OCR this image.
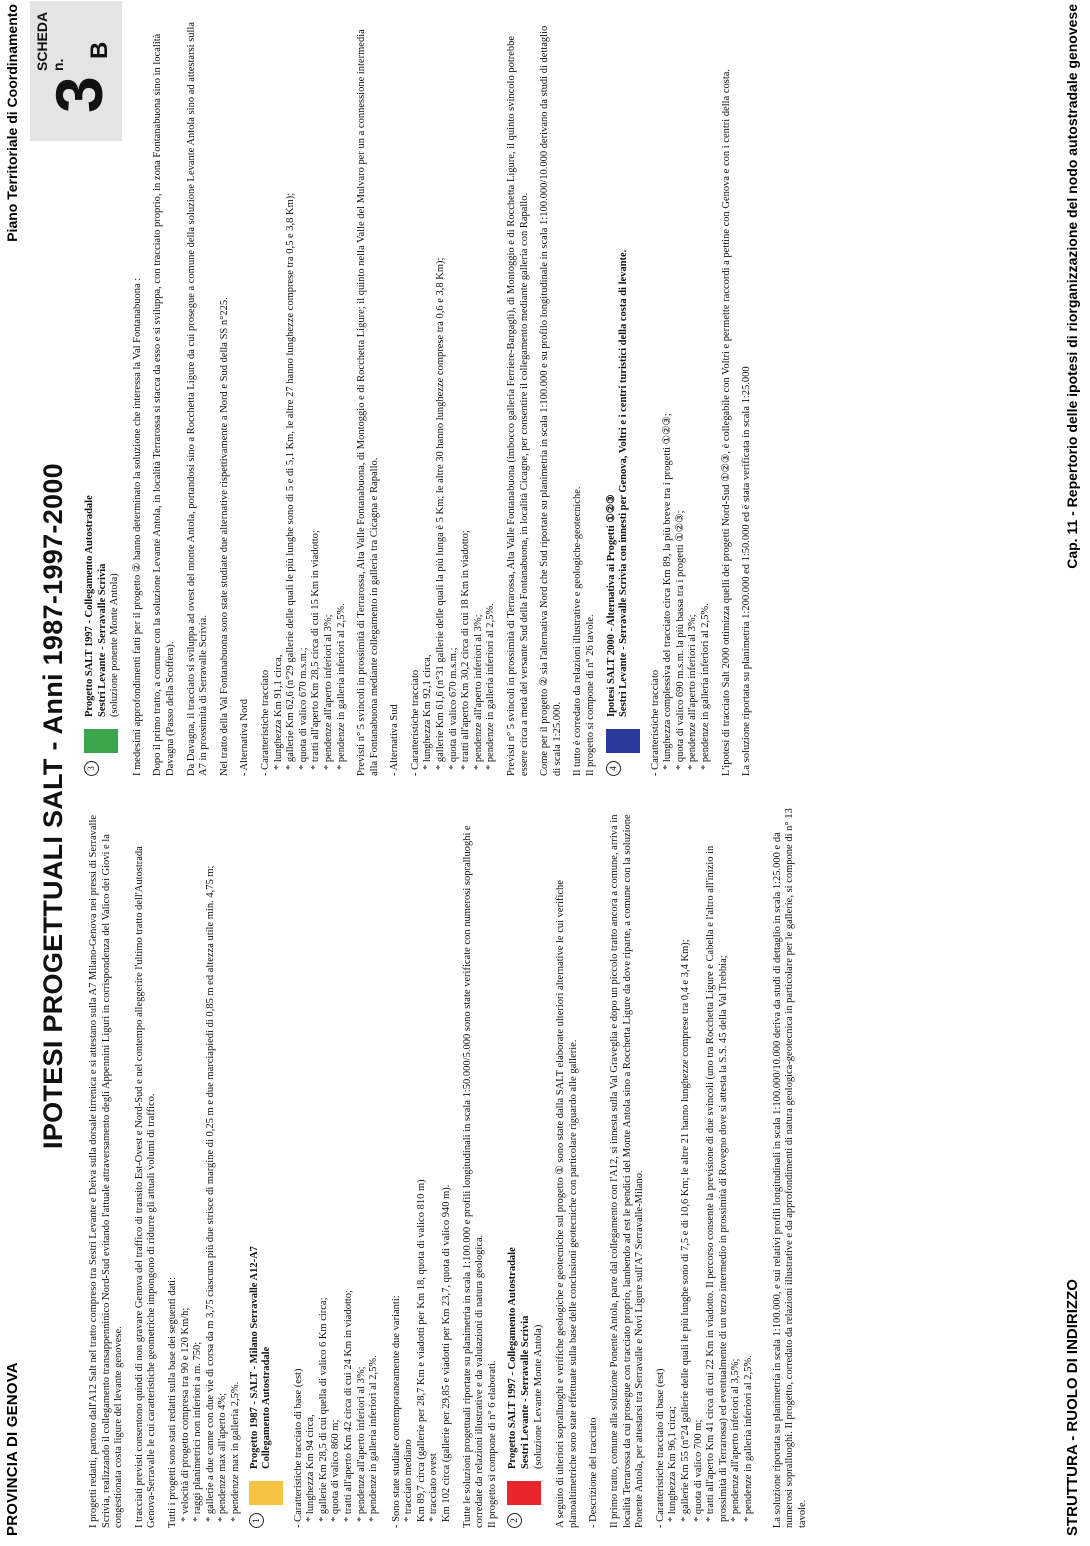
PROVINCIA DI GENOVA
Piano Territoriale di Coordinamento SCHEDA n.
3
B
IPOTESI PROGETTUALI SALT - Anni 1987-1997-2000

I progetti redatti, partono dall'A12 Salt nel tratto compreso tra Sestri Levante e Deiva sulla dorsale tirrenica e si attestano sulla A7 Milano-Genova nei pressi di Serravalle Scrivia, realizzando il collegamento transappenninico Nord-Sud evitando l'attuale attraversamento degli Appennini Liguri in corrispondenza del Valico dei Giovi e la congestionata costa ligure del levante genovese. I tracciati previsti consentono quindi di non gravare Genova del traffico di transito Est-Ovest e Nord-Sud e nel contempo alleggerire l'ultimo tratto dell'Autostrada Genova-Serravalle le cui caratteristiche geometriche impongono di ridurre gli attuali volumi di traffico. Tutti i progetti sono stati redatti sulla base dei seguenti dati: * velocità di progetto compresa tra 90 e 120 Km/h; * raggi planimetrici non inferiori a m. 750; * gallerie a due canne con due vie di corsa da m 3,75 ciascuna più due strisce di margine di 0,25 m e due marciapiedi di 0,85 m ed altezza utile min. 4,75 m; * pendenze max all'aperto 4%; * pendenze max in galleria 2,5%. 1
Progetto 1987 - SALT - Milano Serravalle A12-A7 Collegamento Autostradale - Caratteristiche tracciato di base (est) * lunghezza Km 94 circa, * gallerie Km 28,5 di cui quella di valico 6 Km circa; * quota di valico 860 m; * tratti all'aperto Km 42 circa di cui 24 Km in viadotto; * pendenze all'aperto inferiori al 3%; * pendenze in galleria inferiori al 2,5%. - Sono state studiate contemporaneamente due varianti: * tracciato mediano Km 89,7 circa (gallerie per 28,7 Km e viadotti per Km 18, quota di valico 810 m) * tracciato ovest Km 102 circa (gallerie per 29,85 e viadotti per Km 23,7, quota di valico 940 m). Tutte le soluzioni progettuali riportate su planimetria in scala 1:100.000 e profili longitudinali in scala 1:50.000/5.000 sono state verificate con numerosi sopralluoghi e corredate da relazioni illustrative e da valutazioni di natura geologica. Il progetto si compone di n° 6 elaborati. 2
Progetto SALT 1997 - Collegamento Autostradale Sestri Levante - Serravalle Scrivia (soluzione Levante Monte Antola) A seguito di ulteriori sopralluoghi e verifiche geologiche e geotecniche sul progetto ① sono state dalla SALT elaborate ulteriori alternative le cui verifiche planoaltimetriche sono state effettuate sulla base delle conclusioni geotecniche con particolare riguardo alle gallerie. - Descrizione del tracciato Il primo tratto, comune alla soluzione Ponente Antola, parte dal collegamento con l'A12, si innesta sulla Val Graveglia e dopo un piccolo tratto ancora a comune, arriva in località Terrarossa da cui prosegue con tracciato proprio, lambendo ad est le pendici del Monte Antola sino a Rocchetta Ligure da dove riparte, a comune con la soluzione Ponente Antola, per attestarsi tra Serravalle e Novi Ligure sull'A7 Serravalle-Milano. - Caratteristiche tracciato di base (est) * lunghezza Km 96,1 circa; * gallerie Km 55 (n°24 gallerie delle quali le più lunghe sono di 7,5 e di 10,6 Km; le altre 21 hanno lunghezze comprese tra 0,4 e 3,4 Km); * quota di valico 700 m; * tratti all'aperto Km 41 circa di cui 22 Km in viadotto. Il percorso consente la previsione di due svincoli (uno tra Rocchetta Ligure e Cabella e l'altro all'inizio in prossimità di Terrarossa) ed eventualmente di un terzo intermedio in prossimità di Rovegno dove si attesta la S.S. 45 della Val Trebbia; * pendenze all'aperto inferiori al 3,5%; * pendenze in galleria inferiori al 2,5%. La soluzione riportata su planimetria in scala 1:100.000, e sui relativi profili longitudinali in scala 1:100.000/10.000 deriva da studi di dettaglio in scala 1:25.000 e da numerosi sopralluoghi. Il progetto, corredato da relazioni illustrative e da approfondimenti di natura geologica-geotecnica in particolare per le gallerie, si compone di n° 13 tavole.

3
Progetto SALT 1997 - Collegamento Autostradale Sestri Levante - Serravalle Scrivia (soluzione ponente Monte Antola) I medesimi approfondimenti fatti per il progetto ② hanno determinato la soluzione che interessa la Val Fontanabuona : Dopo il primo tratto, a comune con la soluzione Levante Antola, in località Terrarossa si stacca da esso e si sviluppa, con tracciato proprio, in zona Fontanabuona sino in località Davagna (Passo della Scoffera). Da Davagna, il tracciato si sviluppa ad ovest del monte Antola, portandosi sino a Rocchetta Ligure da cui prosegue a comune della soluzione Levante Antola sino ad attestarsi sulla A7 in prossimità di Serravalle Scrivia. Nel tratto della Val Fontanabuona sono state studiate due alternative rispettivamente a Nord e Sud della SS n°225. - Alternativa Nord - Caratteristiche tracciato * lunghezza Km 91,1 circa, * gallerie Km 62,6 (n°29 gallerie delle quali le più lunghe sono di 5 e di 5,1 Km, le altre 27 hanno lunghezze comprese tra 0,5 e 3,8 Km); * quota di valico 670 m.s.m.; * tratti all'aperto Km 28,5 circa di cui 15 Km in viadotto; * pendenze all'aperto inferiori al 3%; * pendenze in galleria inferiori al 2,5%. Previsti n° 5 svincoli in prossimità di Terrarossa, Alta Valle Fontanabuona, di Montoggio e di Rocchetta Ligure; il quinto nella Valle del Mulvaro per un a connessione intermedia alla Fontanabuona mediante collegamento in galleria tra Cicagna e Rapallo. - Alternativa Sud - Caratteristiche tracciato * lunghezza Km 92,1 circa, * gallerie Km 61,6 (n°31 gallerie delle quali la più lunga è 5 Km; le altre 30 hanno lunghezze comprese tra 0,6 e 3,8 Km); * quota di valico 670 m.s.m.; * tratti all'aperto Km 30,2 circa di cui 18 Km in viadotto; * pendenze all'aperto inferiori al 3%; * pendenze in galleria inferiori al 2,5%. Previsti n° 5 svincoli in prossimità di Terrarossa, Alta Valle Fontanabuona (imbocco galleria Ferriere-Bargagli), di Montoggio e di Rocchetta Ligure, il quinto svincolo potrebbe essere circa a metà del versante Sud della Fontanabuona, in località Cicagne, per consentire il collegamento mediante galleria con Rapallo. Come per il progetto ② sia l'alternativa Nord che Sud riportate su planimetria in scala 1:100.000 e su profilo longitudinale in scala 1:100.000/10.000 derivano da studi di dettaglio di scala 1:25.000. Il tutto è corredato da relazioni illustrative e geologiche-geotecniche. Il progetto si compone di n° 26 tavole. 4
Ipotesi SALT 2000 - Alternativa ai Progetti ①②③ Sestri Levante - Serravalle Scrivia con innesti per Genova, Voltri e i centri turistici della costa di levante.
- Caratteristiche tracciato * lunghezza complessiva del tracciato circa Km 89, la più breve tra i progetti ①②③; * quota di valico 690 m.s.m. la più bassa tra i progetti ①②③; * pendenze all'aperto inferiori al 3%; * pendenze in galleria inferiori al 2,5%. L'ipotesi di tracciato Salt 2000 ottimizza quelli dei progetti Nord-Sud ①②③, è collegabile con Voltri e permette raccordi a pettine con Genova e con i centri della costa. La soluzione riportata su planimetria 1:200.000 ed 1:50.000 ed è stata verificata in scala 1:25.000

STRUTTURA - RUOLO DI INDIRIZZO
Cap. 11 - Repertorio delle ipotesi di riorganizzazione del nodo autostradale genovese
